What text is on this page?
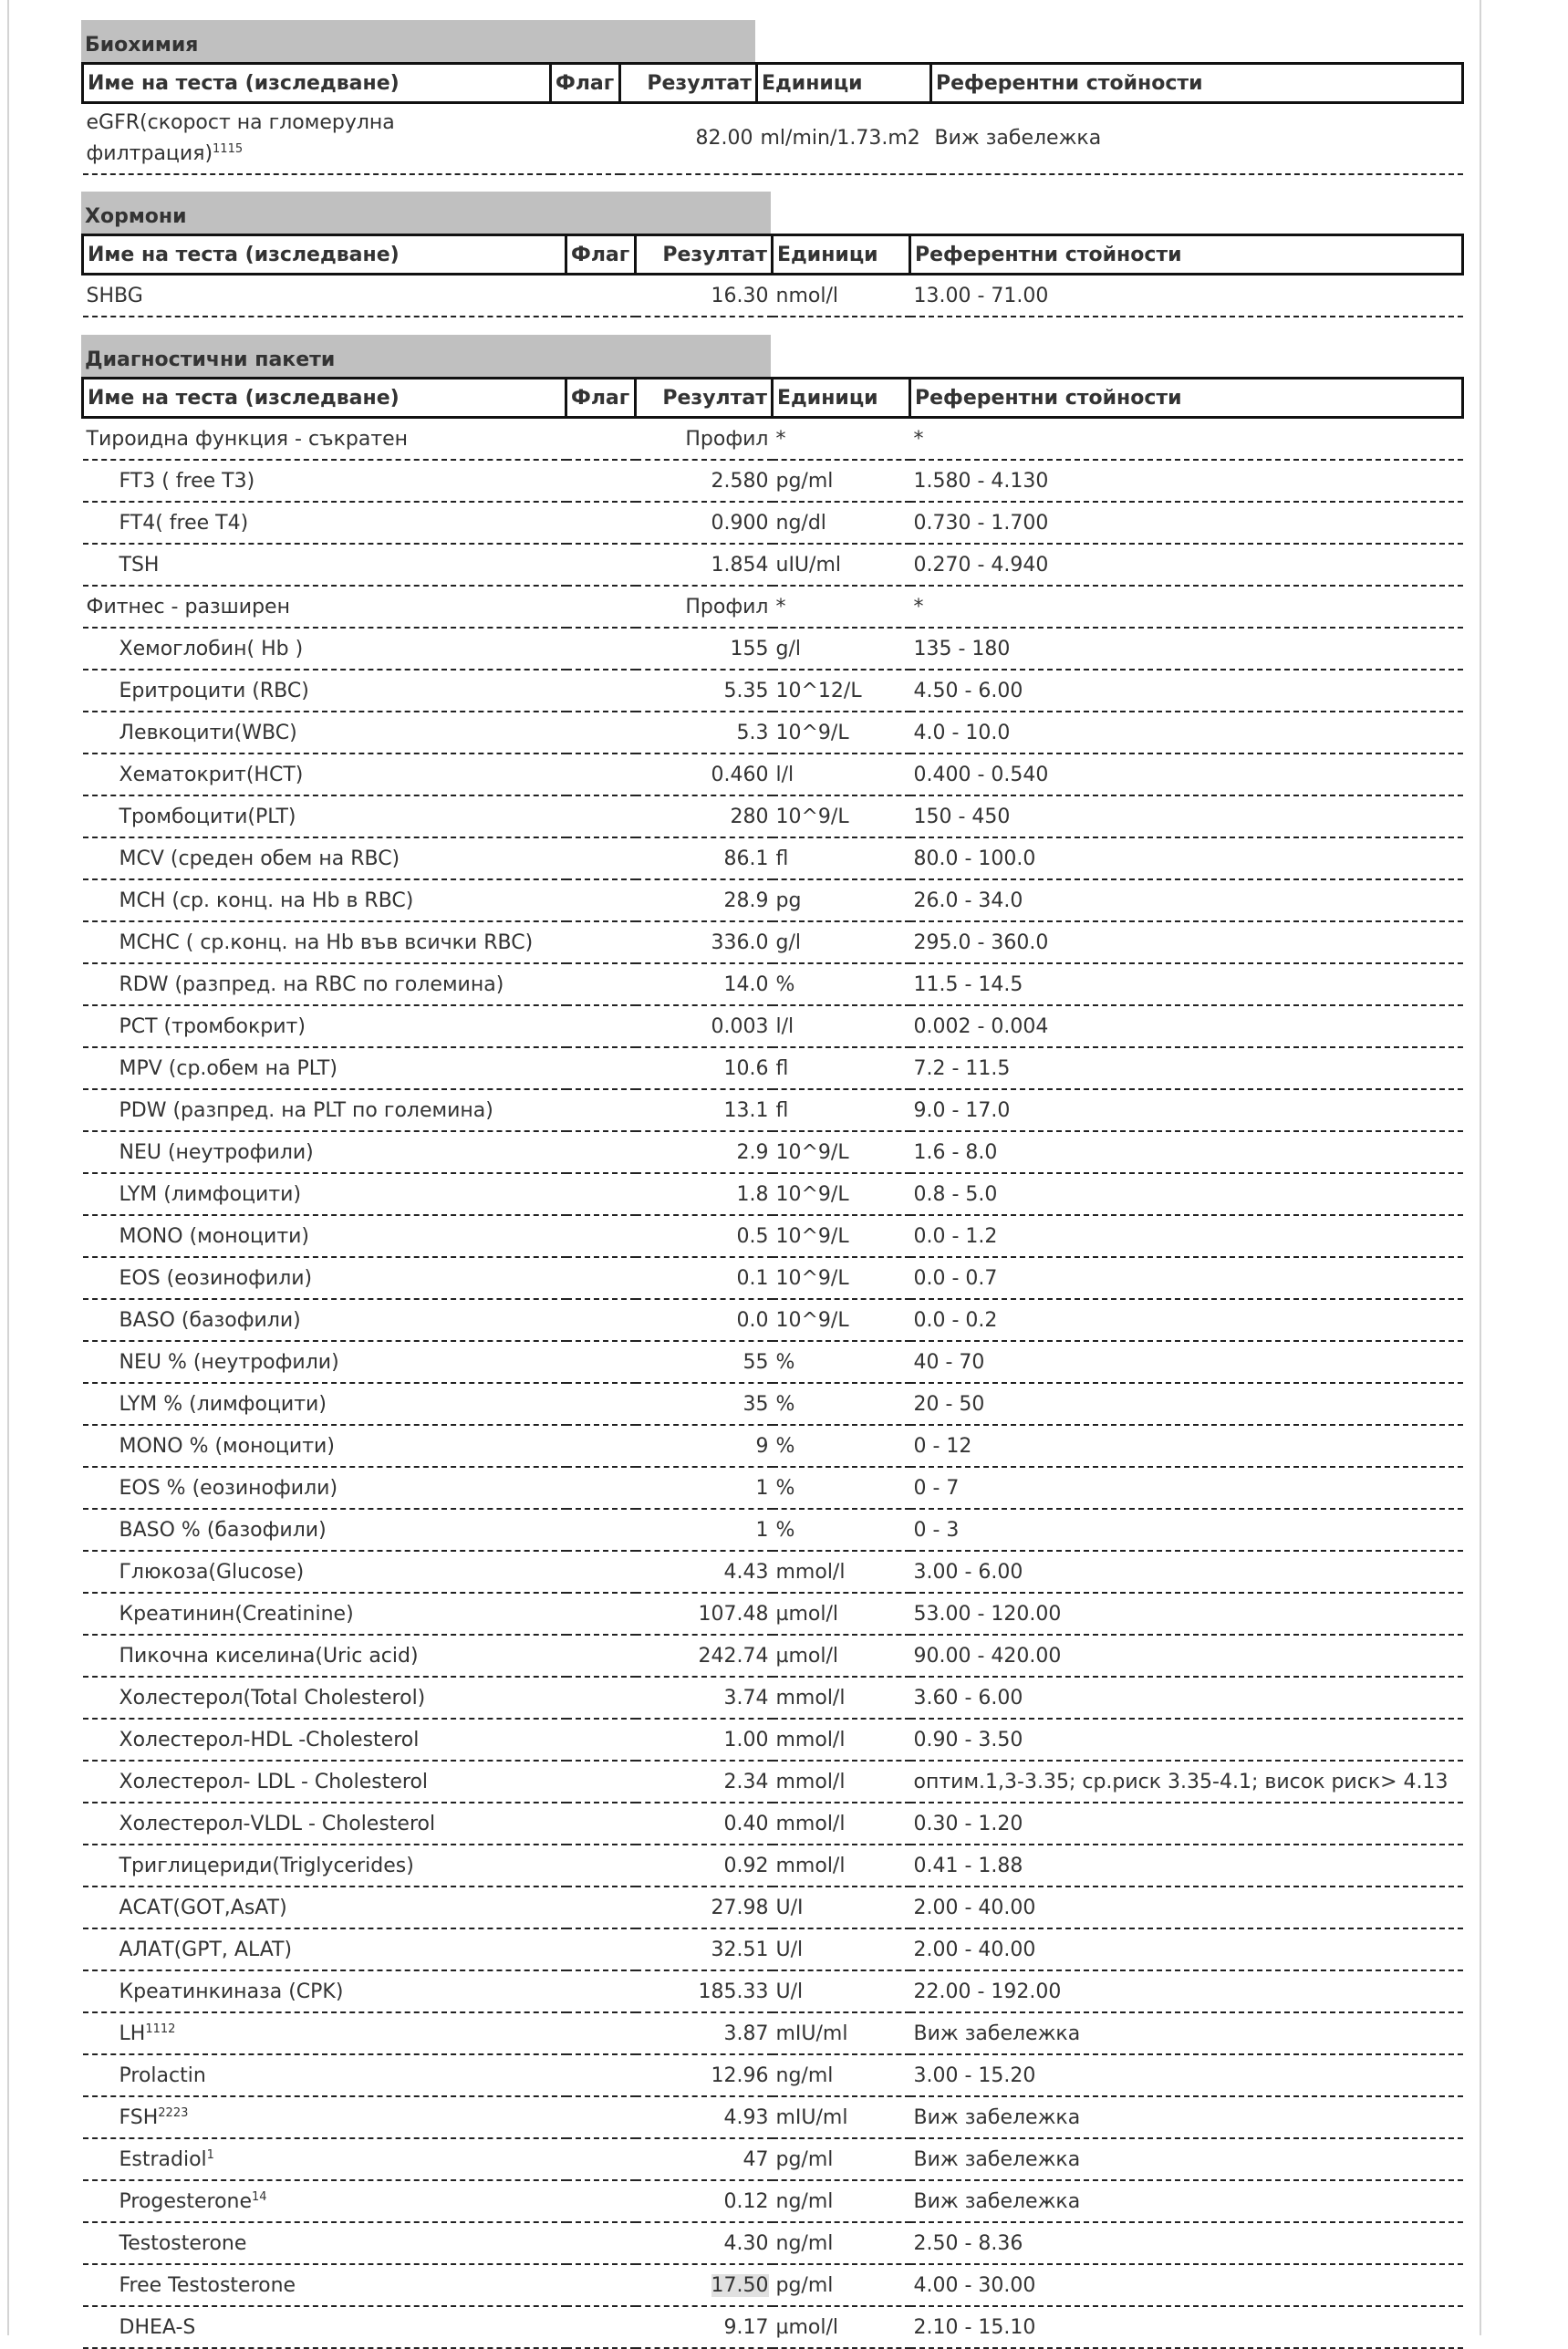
Биохимия
Име на теста (изследване)	Флаг	Резултат	Единици	Референтни стойности
eGFR(скорост на гломерулна филтрация)$^{1115}$		82.00	ml/min/1.73.m2	Виж забележка
Хормони
Име на теста (изследване)	Флаг	Резултат	Единици	Референтни стойности
SHBG		16.30	nmol/l	13.00 - 71.00
Диагностични пакети
Име на теста (изследване)	Флаг	Резултат	Единици	Референтни стойности
Тироидна функция - съкратен		Профил	*	*
FT3 ( free T3)		2.580	pg/ml	1.580 - 4.130
FT4( free T4)		0.900	ng/dl	0.730 - 1.700
TSH		1.854	uIU/ml	0.270 - 4.940
Фитнес - разширен		Профил	*	*
Хемоглобин( Hb )		155	g/l	135 - 180
Еритроцити (RBC)		5.35	10^12/L	4.50 - 6.00
Левкоцити(WBC)		5.3	10^9/L	4.0 - 10.0
Хематокрит(HCT)		0.460	l/l	0.400 - 0.540
Тромбоцити(PLT)		280	10^9/L	150 - 450
MCV (среден обем на RBC)		86.1	fl	80.0 - 100.0
MCH (ср. конц. на Hb в RBC)		28.9	pg	26.0 - 34.0
MCHC ( ср.конц. на Hb във всички RBC)		336.0	g/l	295.0 - 360.0
RDW (разпред. на RBC по големина)		14.0	%	11.5 - 14.5
PCT (тромбокрит)		0.003	l/l	0.002 - 0.004
MPV (ср.обем на PLT)		10.6	fl	7.2 - 11.5
PDW (разпред. на PLT по големина)		13.1	fl	9.0 - 17.0
NEU (неутрофили)		2.9	10^9/L	1.6 - 8.0
LYM (лимфоцити)		1.8	10^9/L	0.8 - 5.0
MONO (моноцити)		0.5	10^9/L	0.0 - 1.2
EOS (еозинофили)		0.1	10^9/L	0.0 - 0.7
BASO (базофили)		0.0	10^9/L	0.0 - 0.2
NEU % (неутрофили)		55	%	40 - 70
LYM % (лимфоцити)		35	%	20 - 50
MONO % (моноцити)		9	%	0 - 12
EOS % (еозинофили)		1	%	0 - 7
BASO % (базофили)		1	%	0 - 3
Глюкоза(Glucose)		4.43	mmol/l	3.00 - 6.00
Креатинин(Creatinine)		107.48	µmol/l	53.00 - 120.00
Пикочна киселина(Uric acid)		242.74	µmol/l	90.00 - 420.00
Холестерол(Total Cholesterol)		3.74	mmol/l	3.60 - 6.00
Холестерол-HDL -Cholesterol		1.00	mmol/l	0.90 - 3.50
Холестерол- LDL - Cholesterol		2.34	mmol/l	оптим.1,3-3.35; ср.риск 3.35-4.1; висок риск> 4.13
Холестерол-VLDL - Cholesterol		0.40	mmol/l	0.30 - 1.20
Триглицериди(Triglycerides)		0.92	mmol/l	0.41 - 1.88
АСАТ(GOT,AsAT)		27.98	U/I	2.00 - 40.00
АЛАТ(GPT, ALAT)		32.51	U/l	2.00 - 40.00
Креатинкиназа (CPK)		185.33	U/l	22.00 - 192.00
$LH^{1112}$		3.87	mIU/ml	Виж забележка
Prolactin		12.96	ng/ml	3.00 - 15.20
$FSH^{2223}$		4.93	mIU/ml	Виж забележка
Estradiol$^1$		47	pg/ml	Виж забележка
Progesterone$^{14}$		0.12	ng/ml	Виж забележка
Testosterone		4.30	ng/ml	2.50 - 8.36
Free Testosterone		17.50	pg/ml	4.00 - 30.00
DHEA-S		9.17	µmol/l	2.10 - 15.10
